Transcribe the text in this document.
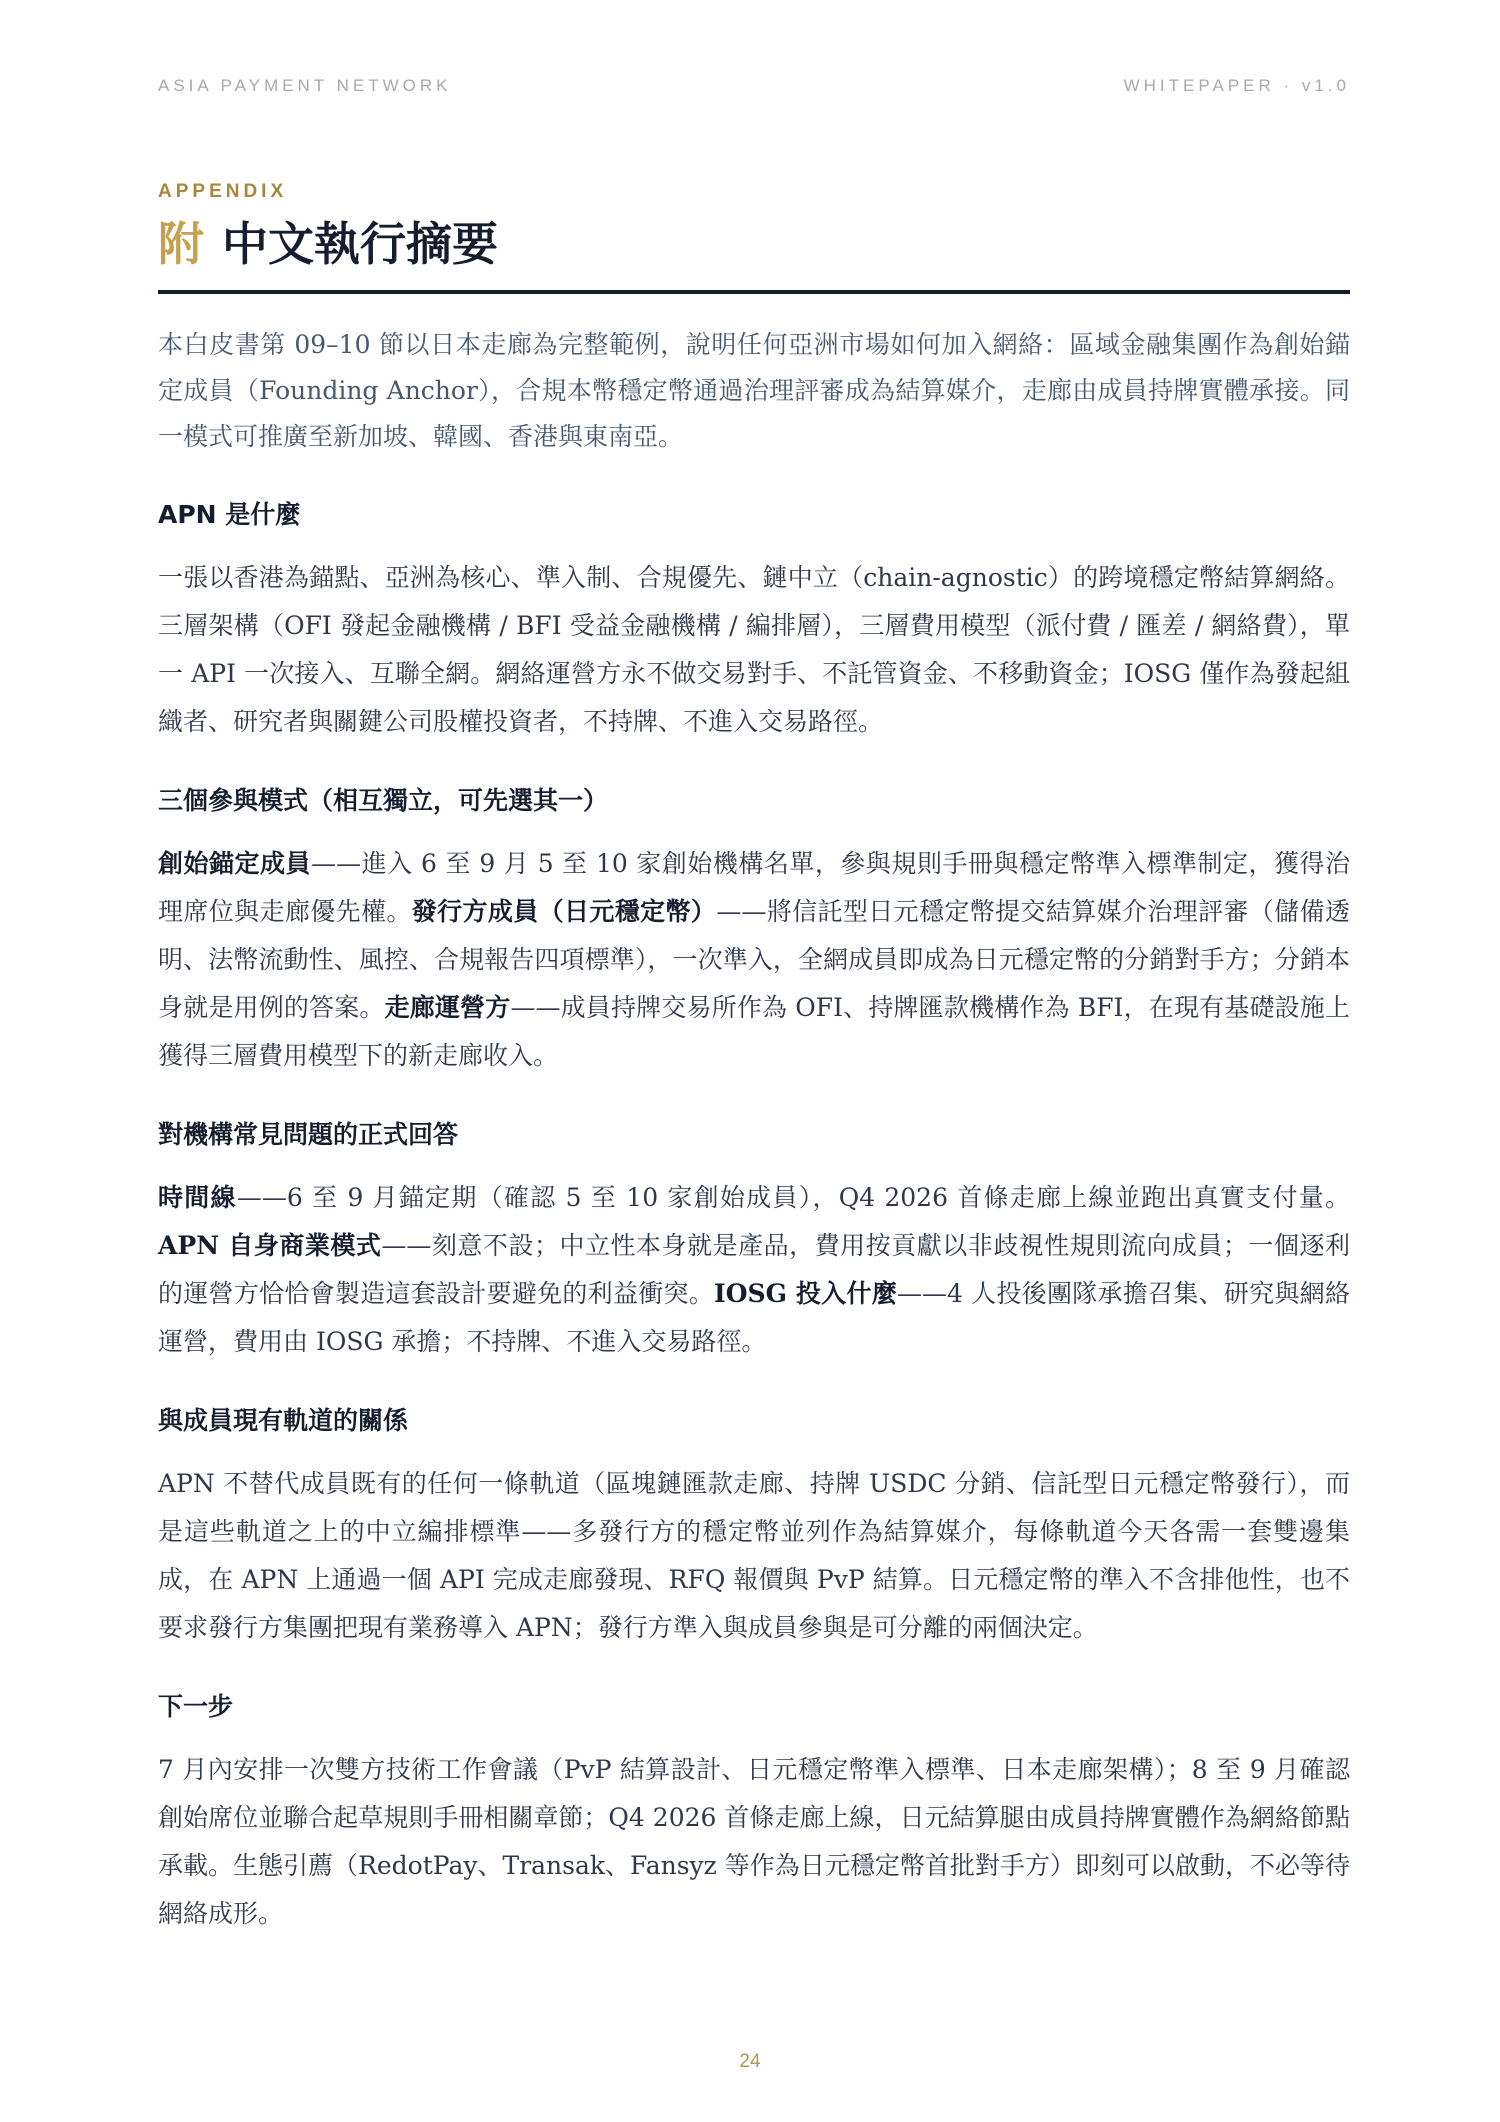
ASIA PAYMENT NETWORK	WHITEPAPER · v1.0
APPENDIX
附 中文執行摘要

本白皮書第 09–10 節以日本走廊為完整範例，說明任何亞洲市場如何加入網絡：區域金融集團作為創始錨定成員（Founding Anchor），合規本幣穩定幣通過治理評審成為結算媒介，走廊由成員持牌實體承接。同一模式可推廣至新加坡、韓國、香港與東南亞。

APN 是什麼

一張以香港為錨點、亞洲為核心、準入制、合規優先、鏈中立（chain-agnostic）的跨境穩定幣結算網絡。三層架構（OFI 發起金融機構 / BFI 受益金融機構 / 編排層），三層費用模型（派付費 / 匯差 / 網絡費），單一 API 一次接入、互聯全網。網絡運營方永不做交易對手、不託管資金、不移動資金；IOSG 僅作為發起組織者、研究者與關鍵公司股權投資者，不持牌、不進入交易路徑。

三個參與模式（相互獨立，可先選其一）

創始錨定成員——進入 6 至 9 月 5 至 10 家創始機構名單，參與規則手冊與穩定幣準入標準制定，獲得治理席位與走廊優先權。發行方成員（日元穩定幣）——將信託型日元穩定幣提交結算媒介治理評審（儲備透明、法幣流動性、風控、合規報告四項標準），一次準入，全網成員即成為日元穩定幣的分銷對手方；分銷本身就是用例的答案。走廊運營方——成員持牌交易所作為 OFI、持牌匯款機構作為 BFI，在現有基礎設施上獲得三層費用模型下的新走廊收入。

對機構常見問題的正式回答

時間線——6 至 9 月錨定期（確認 5 至 10 家創始成員），Q4 2026 首條走廊上線並跑出真實支付量。APN 自身商業模式——刻意不設；中立性本身就是產品，費用按貢獻以非歧視性規則流向成員；一個逐利的運營方恰恰會製造這套設計要避免的利益衝突。IOSG 投入什麼——4 人投後團隊承擔召集、研究與網絡運營，費用由 IOSG 承擔；不持牌、不進入交易路徑。

與成員現有軌道的關係

APN 不替代成員既有的任何一條軌道（區塊鏈匯款走廊、持牌 USDC 分銷、信託型日元穩定幣發行），而是這些軌道之上的中立編排標準——多發行方的穩定幣並列作為結算媒介，每條軌道今天各需一套雙邊集成，在 APN 上通過一個 API 完成走廊發現、RFQ 報價與 PvP 結算。日元穩定幣的準入不含排他性，也不要求發行方集團把現有業務導入 APN；發行方準入與成員參與是可分離的兩個決定。

下一步

7 月內安排一次雙方技術工作會議（PvP 結算設計、日元穩定幣準入標準、日本走廊架構）；8 至 9 月確認創始席位並聯合起草規則手冊相關章節；Q4 2026 首條走廊上線，日元結算腿由成員持牌實體作為網絡節點承載。生態引薦（RedotPay、Transak、Fansyz 等作為日元穩定幣首批對手方）即刻可以啟動，不必等待網絡成形。

24
